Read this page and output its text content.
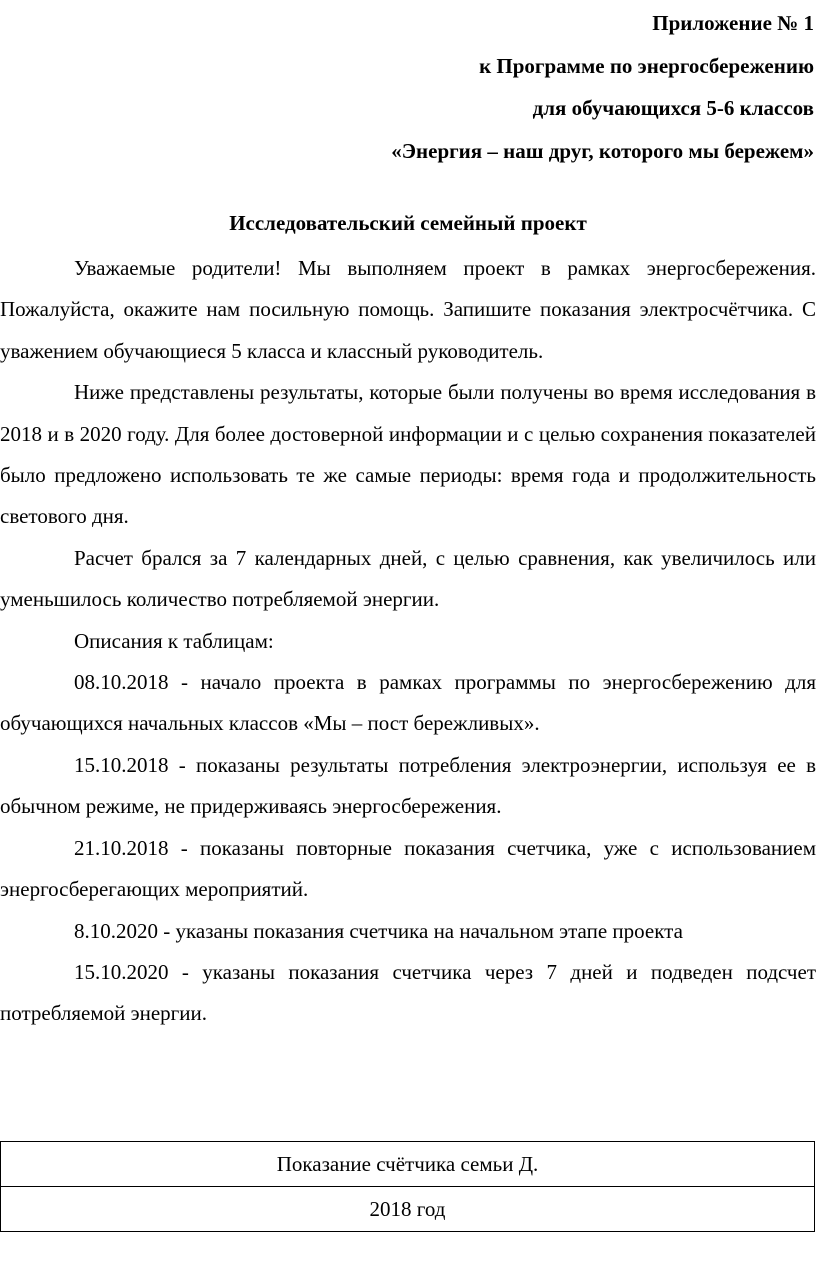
Приложение № 1
к Программе по энергосбережению
для обучающихся 5-6 классов
«Энергия – наш друг, которого мы бережем»
Исследовательский семейный проект

Уважаемые родители! Мы выполняем проект в рамках энергосбережения. Пожалуйста, окажите нам посильную помощь. Запишите показания электросчётчика. С уважением обучающиеся 5 класса и классный руководитель.

Ниже представлены результаты, которые были получены во время исследования в 2018 и в 2020 году. Для более достоверной информации и с целью сохранения показателей было предложено использовать те же самые периоды: время года и продолжительность светового дня.

Расчет брался за 7 календарных дней, с целью сравнения, как увеличилось или уменьшилось количество потребляемой энергии.

Описания к таблицам:

08.10.2018 - начало проекта в рамках программы по энергосбережению для обучающихся начальных классов «Мы – пост бережливых».

15.10.2018 - показаны результаты потребления электроэнергии, используя ее в обычном режиме, не придерживаясь энергосбережения.

21.10.2018 - показаны повторные показания счетчика, уже с использованием энергосберегающих мероприятий.

8.10.2020 - указаны показания счетчика на начальном этапе проекта

15.10.2020 - указаны показания счетчика через 7 дней и подведен подсчет потребляемой энергии.

Показание счётчика семьи Д.
2018 год
